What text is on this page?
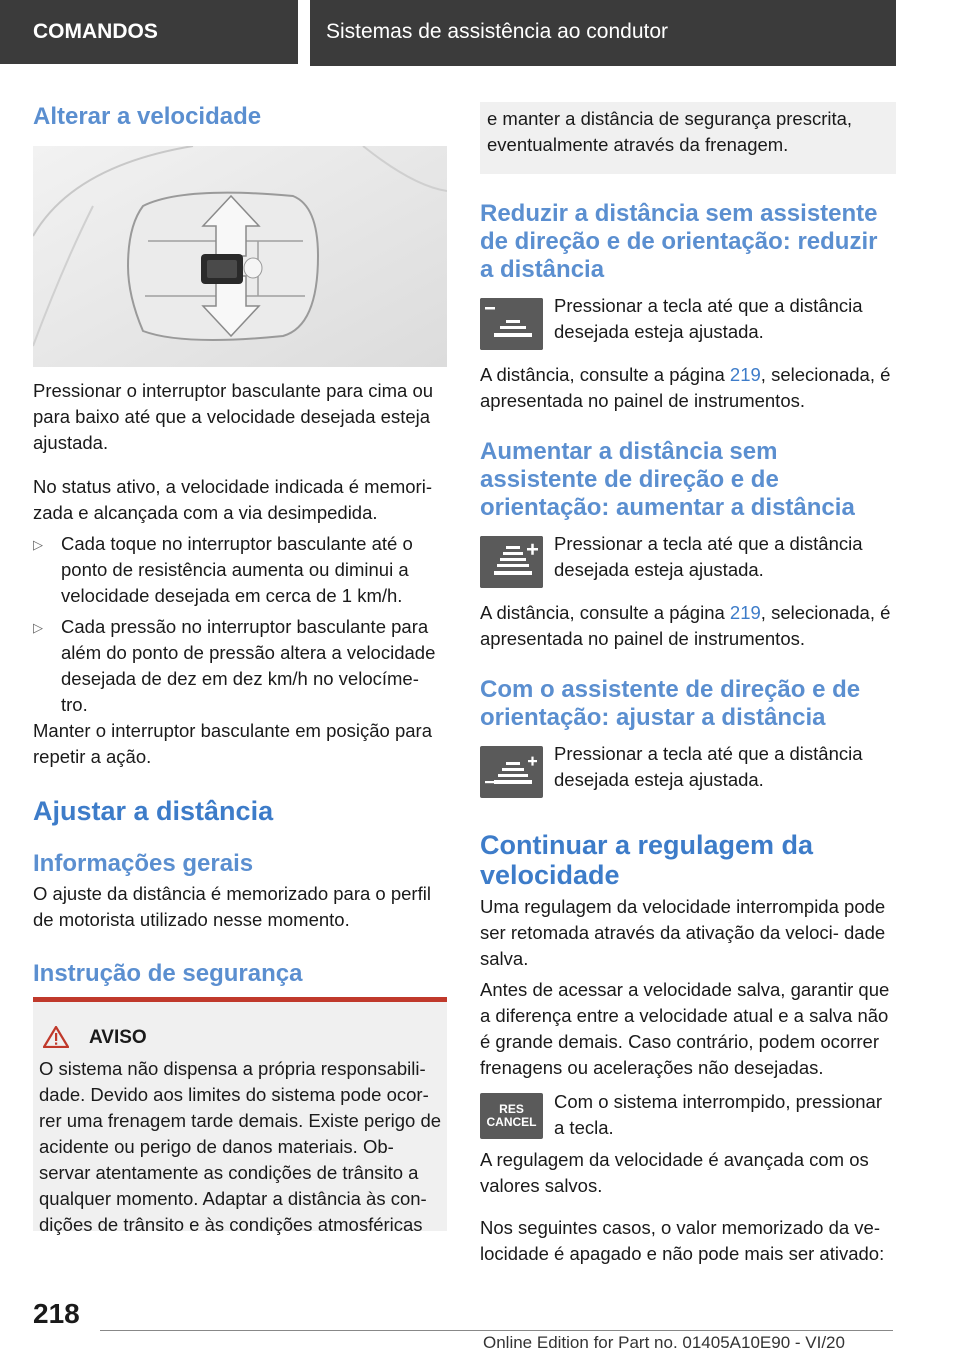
COMANDOS	Sistemas de assistência ao condutor
Alterar a velocidade

Pressionar o interruptor basculante para cima ou para baixo até que a velocidade desejada esteja ajustada.

No status ativo, a velocidade indicada é memori- zada e alcançada com a via desimpedida.

▷ Cada toque no interruptor basculante até o ponto de resistência aumenta ou diminui a velocidade desejada em cerca de 1 km/h.
▷ Cada pressão no interruptor basculante para além do ponto de pressão altera a velocidade desejada de dez em dez km/h no velocíme- tro.

Manter o interruptor basculante em posição para repetir a ação.

Ajustar a distância
Informações gerais

O ajuste da distância é memorizado para o perfil de motorista utilizado nesse momento.

Instrução de segurança
AVISO

O sistema não dispensa a própria responsabili- dade. Devido aos limites do sistema pode ocor- rer uma frenagem tarde demais. Existe perigo de acidente ou perigo de danos materiais. Ob- servar atentamente as condições de trânsito a qualquer momento. Adaptar a distância às con- dições de trânsito e às condições atmosféricas

e manter a distância de segurança prescrita, eventualmente através da frenagem.

Reduzir a distância sem assistente de direção e de orientação: reduzir a distância

Pressionar a tecla até que a distância desejada esteja ajustada.

A distância, consulte a página 219, selecionada, é apresentada no painel de instrumentos.

Aumentar a distância sem assistente de direção e de orientação: aumentar a distância

Pressionar a tecla até que a distância desejada esteja ajustada.

A distância, consulte a página 219, selecionada, é apresentada no painel de instrumentos.

Com o assistente de direção e de orientação: ajustar a distância

Pressionar a tecla até que a distância desejada esteja ajustada.

Continuar a regulagem da velocidade

Uma regulagem da velocidade interrompida pode ser retomada através da ativação da veloci- dade salva.

Antes de acessar a velocidade salva, garantir que a diferença entre a velocidade atual e a salva não é grande demais. Caso contrário, podem ocorrer frenagens ou acelerações não desejadas.

RES
CANCEL

Com o sistema interrompido, pressionar a tecla.

A regulagem da velocidade é avançada com os valores salvos.

Nos seguintes casos, o valor memorizado da ve- locidade é apagado e não pode mais ser ativado:

218
Online Edition for Part no. 01405A10E90 - VI/20
